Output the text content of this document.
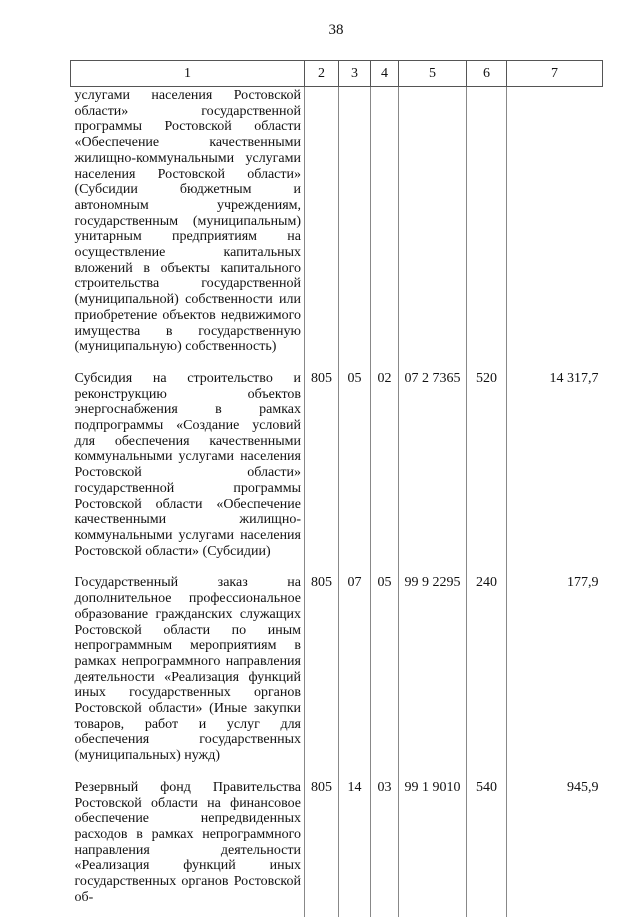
38
1	2	3	4	5	6	7
услугами населения Ростовской области» государственной программы Ростовской области «Обеспечение качественными жилищно-коммунальными услугами населения Ростовской области» (Субсидии бюджетным и автономным учреждениям, государственным (муниципальным) унитарным предприятиям на осуществление капитальных вложений в объекты капитального строительства государственной (муниципальной) собственности или приобретение объектов недвижимого имущества в государственную (муниципальную) собственность)						
Субсидия на строительство и реконструкцию объектов энергоснабжения в рамках подпрограммы «Создание условий для обеспечения качественными коммунальными услугами населения Ростовской области» государственной программы Ростовской области «Обеспечение качественными жилищно-коммунальными услугами населения Ростовской области» (Субсидии)	805	05	02	07 2 7365	520	14 317,7
Государственный заказ на дополнительное профессиональное образование гражданских служащих Ростовской области по иным непрограммным мероприятиям в рамках непрограммного направления деятельности «Реализация функций иных государственных органов Ростовской области» (Иные закупки товаров, работ и услуг для обеспечения государственных (муниципальных) нужд)	805	07	05	99 9 2295	240	177,9
Резервный фонд Правительства Ростовской области на финансовое обеспечение непредвиденных расходов в рамках непрограммного направления деятельности «Реализация функций иных государственных органов Ростовской об-	805	14	03	99 1 9010	540	945,9
